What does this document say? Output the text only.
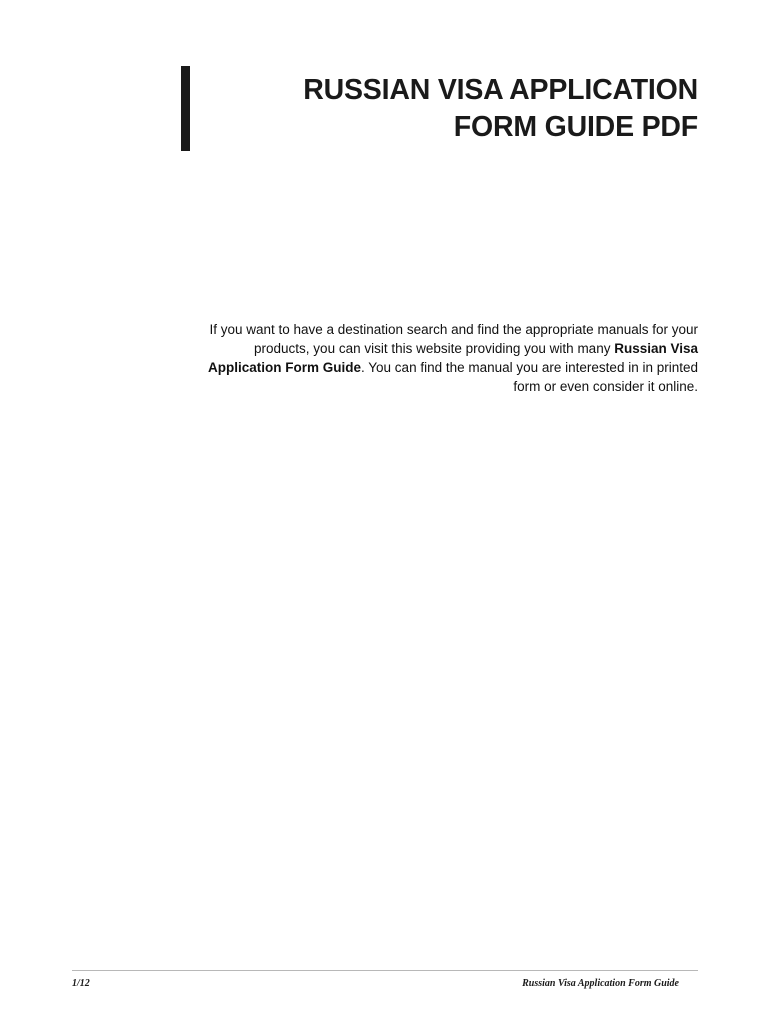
RUSSIAN VISA APPLICATION
FORM GUIDE PDF

If you want to have a destination search and find the appropriate manuals for your products, you can visit this website providing you with many Russian Visa Application Form Guide. You can find the manual you are interested in in printed form or even consider it online.

1/12	Russian Visa Application Form Guide
